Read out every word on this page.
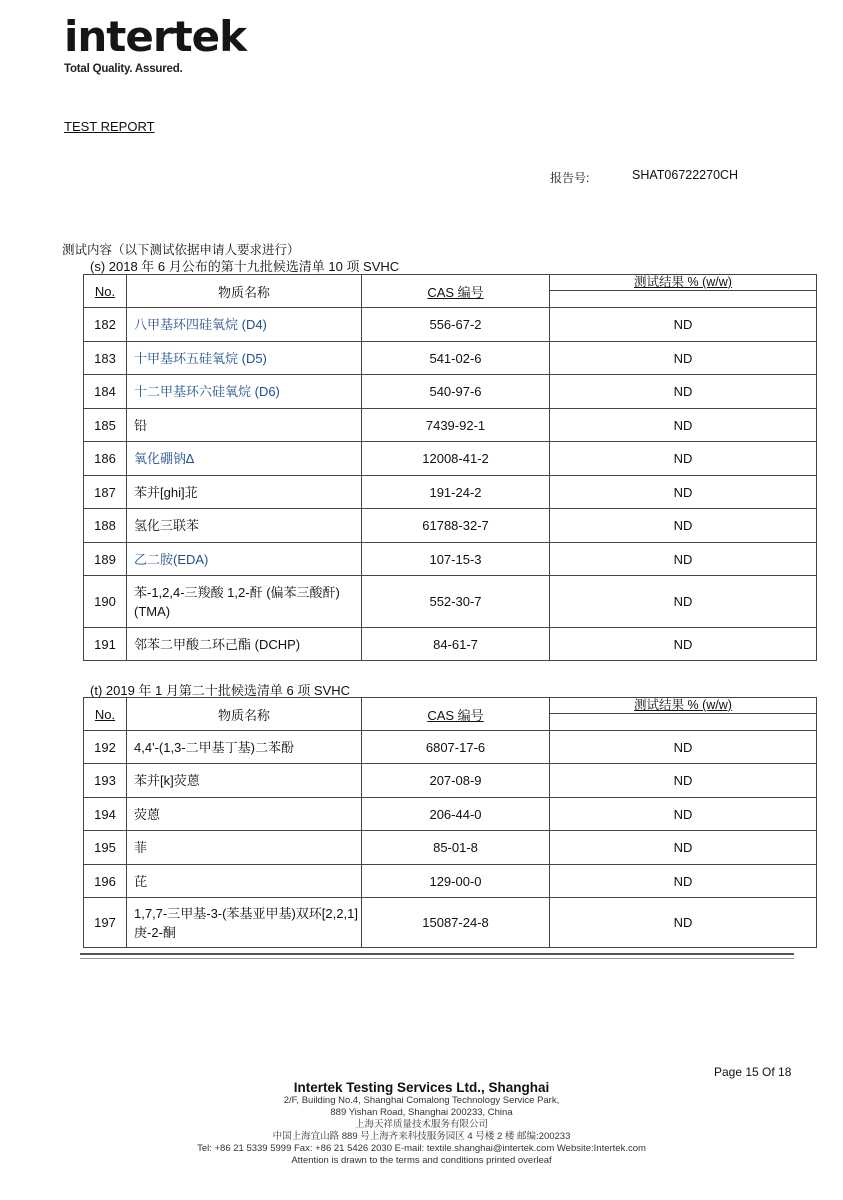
intertek
Total Quality. Assured.
TEST REPORT
报告号:	SHAT06722270CH
测试内容（以下测试依据申请人要求进行）
(s) 2018 年 6 月公布的第十九批候选清单 10 项 SVHC
No.	物质名称	CAS 编号	测试结果 % (w/w)

182	八甲基环四硅氧烷 (D4)	556-67-2	ND
183	十甲基环五硅氧烷 (D5)	541-02-6	ND
184	十二甲基环六硅氧烷 (D6)	540-97-6	ND
185	铅	7439-92-1	ND
186	氧化硼钠∆	12008-41-2	ND
187	苯并[ghi]苝	191-24-2	ND
188	氢化三联苯	61788-32-7	ND
189	乙二胺(EDA)	107-15-3	ND
190	苯-1,2,4-三羧酸 1,2-酐 (偏苯三酸酐) (TMA)	552-30-7	ND
191	邻苯二甲酸二环己酯 (DCHP)	84-61-7	ND
(t) 2019 年 1 月第二十批候选清单 6 项 SVHC
No.	物质名称	CAS 编号	测试结果 % (w/w)

192	4,4'-(1,3-二甲基丁基)二苯酚	6807-17-6	ND
193	苯并[k]荧蒽	207-08-9	ND
194	荧蒽	206-44-0	ND
195	菲	85-01-8	ND
196	芘	129-00-0	ND
197	1,7,7-三甲基-3-(苯基亚甲基)双环[2,2,1]庚-2-酮	15087-24-8	ND
Page 15 Of 18
Intertek Testing Services Ltd., Shanghai
2/F, Building No.4, Shanghai Comalong Technology Service Park,
889 Yishan Road, Shanghai 200233, China
上海天祥质量技术服务有限公司
中国上海宜山路 889 号上海齐来科技服务园区 4 号楼 2 楼 邮编:200233
Tel: +86 21 5339 5999 Fax: +86 21 5426 2030 E-mail: textile.shanghai@intertek.com Website:Intertek.com
Attention is drawn to the terms and conditions printed overleaf
